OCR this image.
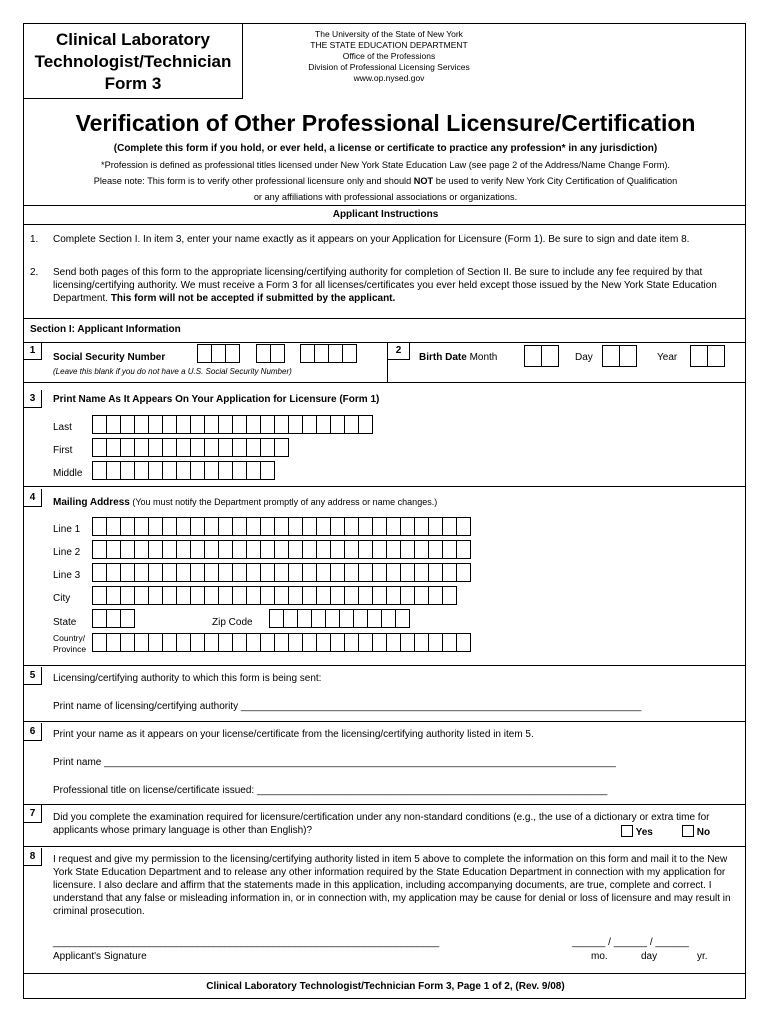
Clinical Laboratory
Technologist/Technician
Form 3
The University of the State of New York
THE STATE EDUCATION DEPARTMENT
Office of the Professions
Division of Professional Licensing Services
www.op.nysed.gov
Verification of Other Professional Licensure/Certification
(Complete this form if you hold, or ever held, a license or certificate to practice any profession* in any jurisdiction)
*Profession is defined as professional titles licensed under New York State Education Law (see page 2 of the Address/Name Change Form).
Please note: This form is to verify other professional licensure only and should NOT be used to verify New York City Certification of Qualification
or any affiliations with professional associations or organizations.
Applicant Instructions
1. Complete Section I. In item 3, enter your name exactly as it appears on your Application for Licensure (Form 1). Be sure to sign and date item 8.
2. Send both pages of this form to the appropriate licensing/certifying authority for completion of Section II. Be sure to include any fee required by that licensing/certifying authority. We must receive a Form 3 for all licenses/certificates you ever held except those issued by the New York State Education Department. This form will not be accepted if submitted by the applicant.
Section I: Applicant Information
1
Social Security Number
(Leave this blank if you do not have a U.S. Social Security Number)
2
Birth Date Month	Day	Year
3	Print Name As It Appears On Your Application for Licensure (Form 1)
Last
First
Middle
4	Mailing Address (You must notify the Department promptly of any address or name changes.)
Line 1
Line 2
Line 3
City
State	Zip Code
Country/
Province
5	Licensing/certifying authority to which this form is being sent:
Print name of licensing/certifying authority ________________________________________________________________________
6	Print your name as it appears on your license/certificate from the licensing/certifying authority listed in item 5.
Print name ____________________________________________________________________________________________
Professional title on license/certificate issued: _______________________________________________________________
7	Did you complete the examination required for licensure/certification under any non-standard conditions (e.g., the use of a dictionary or extra time for applicants whose primary language is other than English)?	Yes	No
8	I request and give my permission to the licensing/certifying authority listed in item 5 above to complete the information on this form and mail it to the New York State Education Department and to release any other information required by the State Education Department in connection with my application for licensure. I also declare and affirm that the statements made in this application, including accompanying documents, are true, complete and correct. I understand that any false or misleading information in, or in connection with, my application may be cause for denial or loss of licensure and may result in criminal prosecution.
________________________________________________________________________	______ / ______ / ______
Applicant's Signature	mo.	day	yr.
Clinical Laboratory Technologist/Technician Form 3, Page 1 of 2, (Rev. 9/08)
